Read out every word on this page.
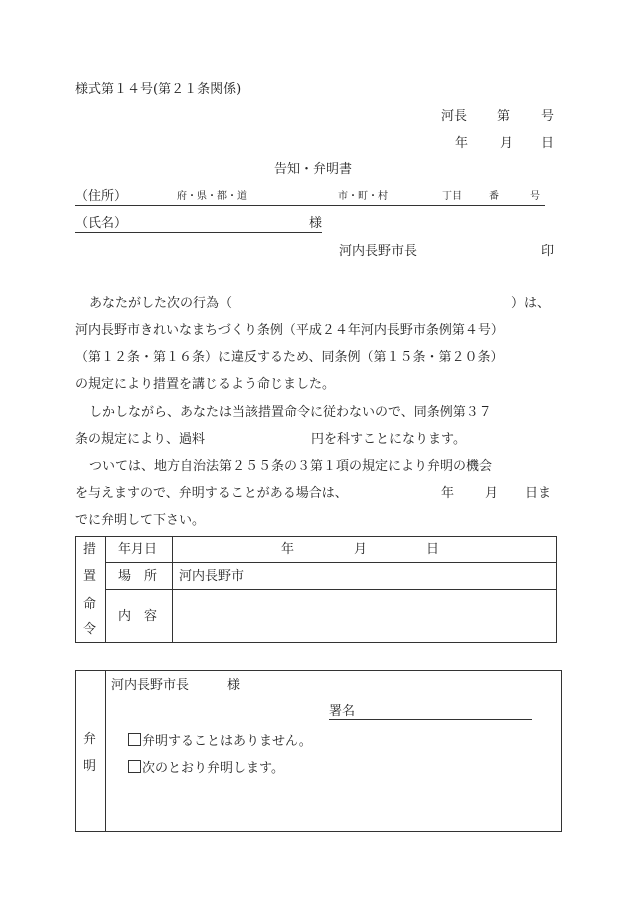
様式第１４号(第２１条関係)
河長 第 号
年 月 日
告知・弁明書
（住所）	府・県・都・道	市・町・村	丁目	番	号
（氏名）	様
河内長野市長	印
あなたがした次の行為（	）は、
河内長野市きれいなまちづくり条例（平成２４年河内長野市条例第４号）
（第１２条・第１６条）に違反するため、同条例（第１５条・第２０条）
の規定により措置を講じるよう命じました。
しかしながら、あなたは当該措置命令に従わないので、同条例第３７
条の規定により、過料	円を科すことになります。
ついては、地方自治法第２５５条の３第１項の規定により弁明の機会
を与えますので、弁明することがある場合は、	年 月 日ま
でに弁明して下さい。
措
置
命
令
年月日	年	月	日
場　所 河内長野市
内　容
弁
明
河内長野市長	様
署名
弁明することはありません。
次のとおり弁明します。
